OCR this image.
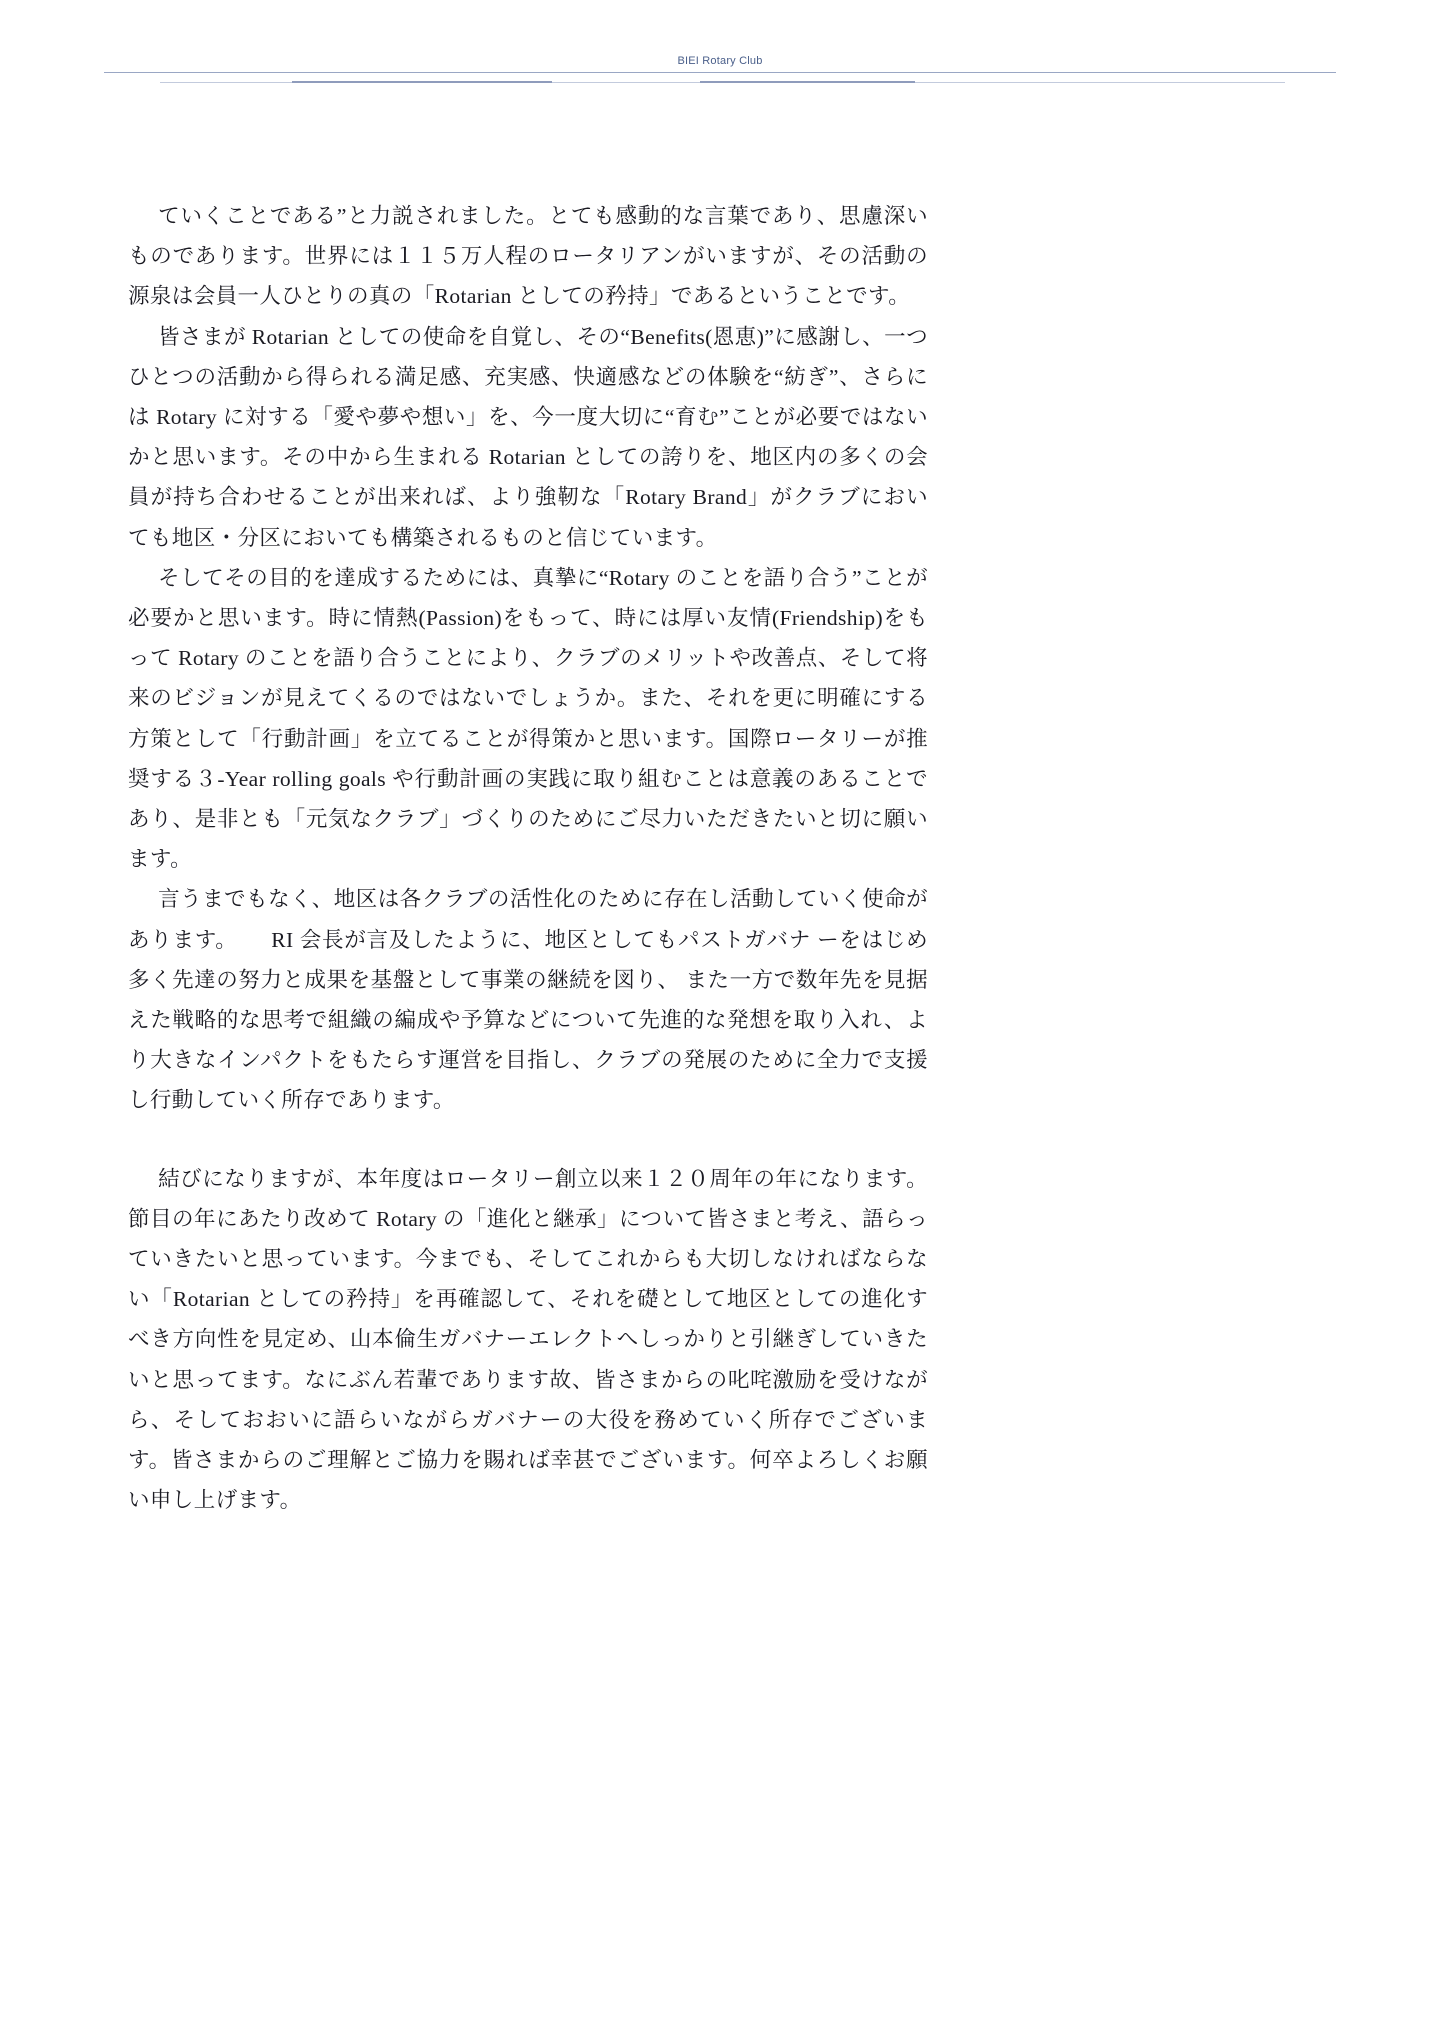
BIEI Rotary Club

ていくことである”と力説されました。とても感動的な言葉であり、思慮深いものであります。世界には１１５万人程のロータリアンがいますが、その活動の源泉は会員一人ひとりの真の「Rotarian としての矜持」であるということです。

皆さまが Rotarian としての使命を自覚し、その“Benefits(恩恵)”に感謝し、一つひとつの活動から得られる満足感、充実感、快適感などの体験を“紡ぎ”、さらには Rotary に対する「愛や夢や想い」を、今一度大切に“育む”ことが必要ではないかと思います。その中から生まれる Rotarian としての誇りを、地区内の多くの会員が持ち合わせることが出来れば、より強靭な「Rotary Brand」がクラブにおいても地区・分区においても構築されるものと信じています。

そしてその目的を達成するためには、真摯に“Rotary のことを語り合う”ことが必要かと思います。時に情熱(Passion)をもって、時には厚い友情(Friendship)をもって Rotary のことを語り合うことにより、クラブのメリットや改善点、そして将来のビジョンが見えてくるのではないでしょうか。また、それを更に明確にする方策として「行動計画」を立てることが得策かと思います。国際ロータリーが推奨する３-Year rolling goals や行動計画の実践に取り組むことは意義のあることであり、是非とも「元気なクラブ」づくりのためにご尽力いただきたいと切に願います。

言うまでもなく、地区は各クラブの活性化のために存在し活動していく使命があります。　　RI 会長が言及したように、地区としてもパストガバナ ーをはじめ多く先達の努力と成果を基盤として事業の継続を図り、 また一方で数年先を見据えた戦略的な思考で組織の編成や予算などについて先進的な発想を取り入れ、より大きなインパクトをもたらす運営を目指し、クラブの発展のために全力で支援し行動していく所存であります。

結びになりますが、本年度はロータリー創立以来１２０周年の年になります。節目の年にあたり改めて Rotary の「進化と継承」について皆さまと考え、語らっていきたいと思っています。今までも、そしてこれからも大切しなければならない「Rotarian としての矜持」を再確認して、それを礎として地区としての進化すべき方向性を見定め、山本倫生ガバナーエレクトへしっかりと引継ぎしていきたいと思ってます。なにぶん若輩であります故、皆さまからの叱咤激励を受けながら、そしておおいに語らいながらガバナーの大役を務めていく所存でございます。皆さまからのご理解とご協力を賜れば幸甚でございます。何卒よろしくお願い申し上げます。
